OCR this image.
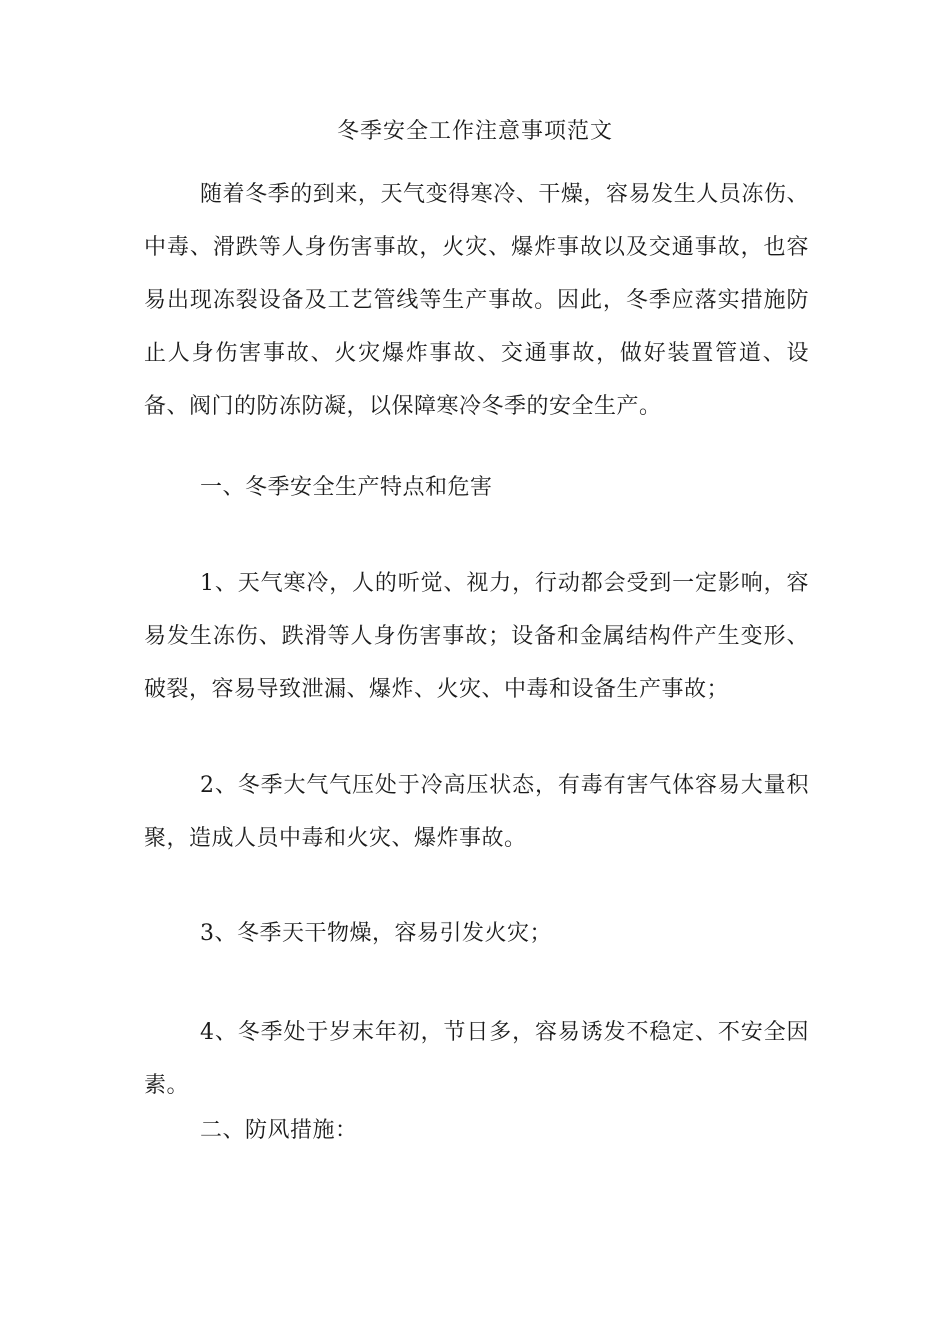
冬季安全工作注意事项范文
随着冬季的到来，天气变得寒冷、干燥，容易发生人员冻伤、中毒、滑跌等人身伤害事故，火灾、爆炸事故以及交通事故，也容易出现冻裂设备及工艺管线等生产事故。因此，冬季应落实措施防止人身伤害事故、火灾爆炸事故、交通事故，做好装置管道、设备、阀门的防冻防凝，以保障寒冷冬季的安全生产。
一、冬季安全生产特点和危害
1、天气寒冷，人的听觉、视力，行动都会受到一定影响，容易发生冻伤、跌滑等人身伤害事故；设备和金属结构件产生变形、破裂，容易导致泄漏、爆炸、火灾、中毒和设备生产事故；
2、冬季大气气压处于冷高压状态，有毒有害气体容易大量积聚，造成人员中毒和火灾、爆炸事故。
3、冬季天干物燥，容易引发火灾；
4、冬季处于岁末年初，节日多，容易诱发不稳定、不安全因素。
二、防风措施：
